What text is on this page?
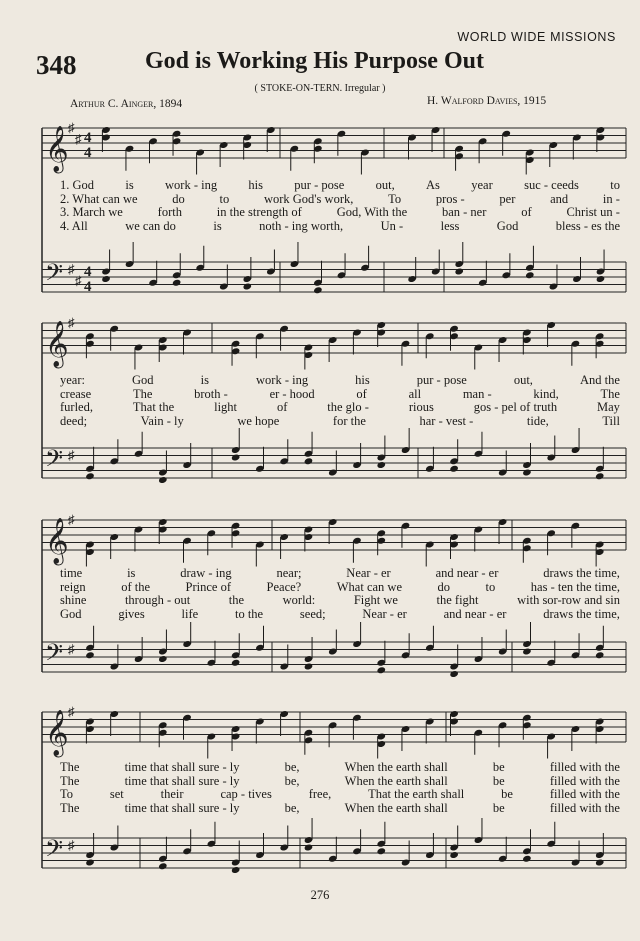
WORLD WIDE MISSIONS
348	God is Working His Purpose Out
( STOKE-ON-TERN. Irregular )
Arthur C. Ainger, 1894	H. Walford Davies, 1915
𝄞 ♯
♯ 4
4
𝄢 ♯
♯
4
4
1. God	is	work - ing	his	pur - pose	out,	As	year	suc - ceeds	to
2. What can we	do	to	work God's work,	To	pros -	per	and	in -
3. March we	forth	in the strength of	God, With the	ban - ner	of	Christ un -
4. All	we can do	is	noth - ing worth,	Un -	less	God	bless - es the
𝄞 ♯
𝄢 ♯
year:	God	is	work - ing	his	pur - pose	out,	And the
crease	The	broth -	er - hood	of	all	man -	kind,	The
furled,	That the	light	of	the glo -	rious	gos - pel of truth	May
deed;	Vain - ly	we hope	for the	har - vest -	tide,	Till
𝄞 ♯
𝄢 ♯
time	is	draw - ing	near;	Near - er	and near - er	draws the time,
reign	of the	Prince of	Peace?	What can we	do	to	has - ten the time,
shine	through - out	the	world:	Fight we	the fight	with sor-row and sin
God	gives	life	to the	seed;	Near - er	and near - er	draws the time,
𝄞 ♯
𝄢 ♯
The	time that shall sure - ly	be,	When the earth shall	be	filled with the
The	time that shall sure - ly	be,	When the earth shall	be	filled with the
To	set	their	cap - tives	free,	That the earth shall	be	filled with the
The	time that shall sure - ly	be,	When the earth shall	be	filled with the
276
